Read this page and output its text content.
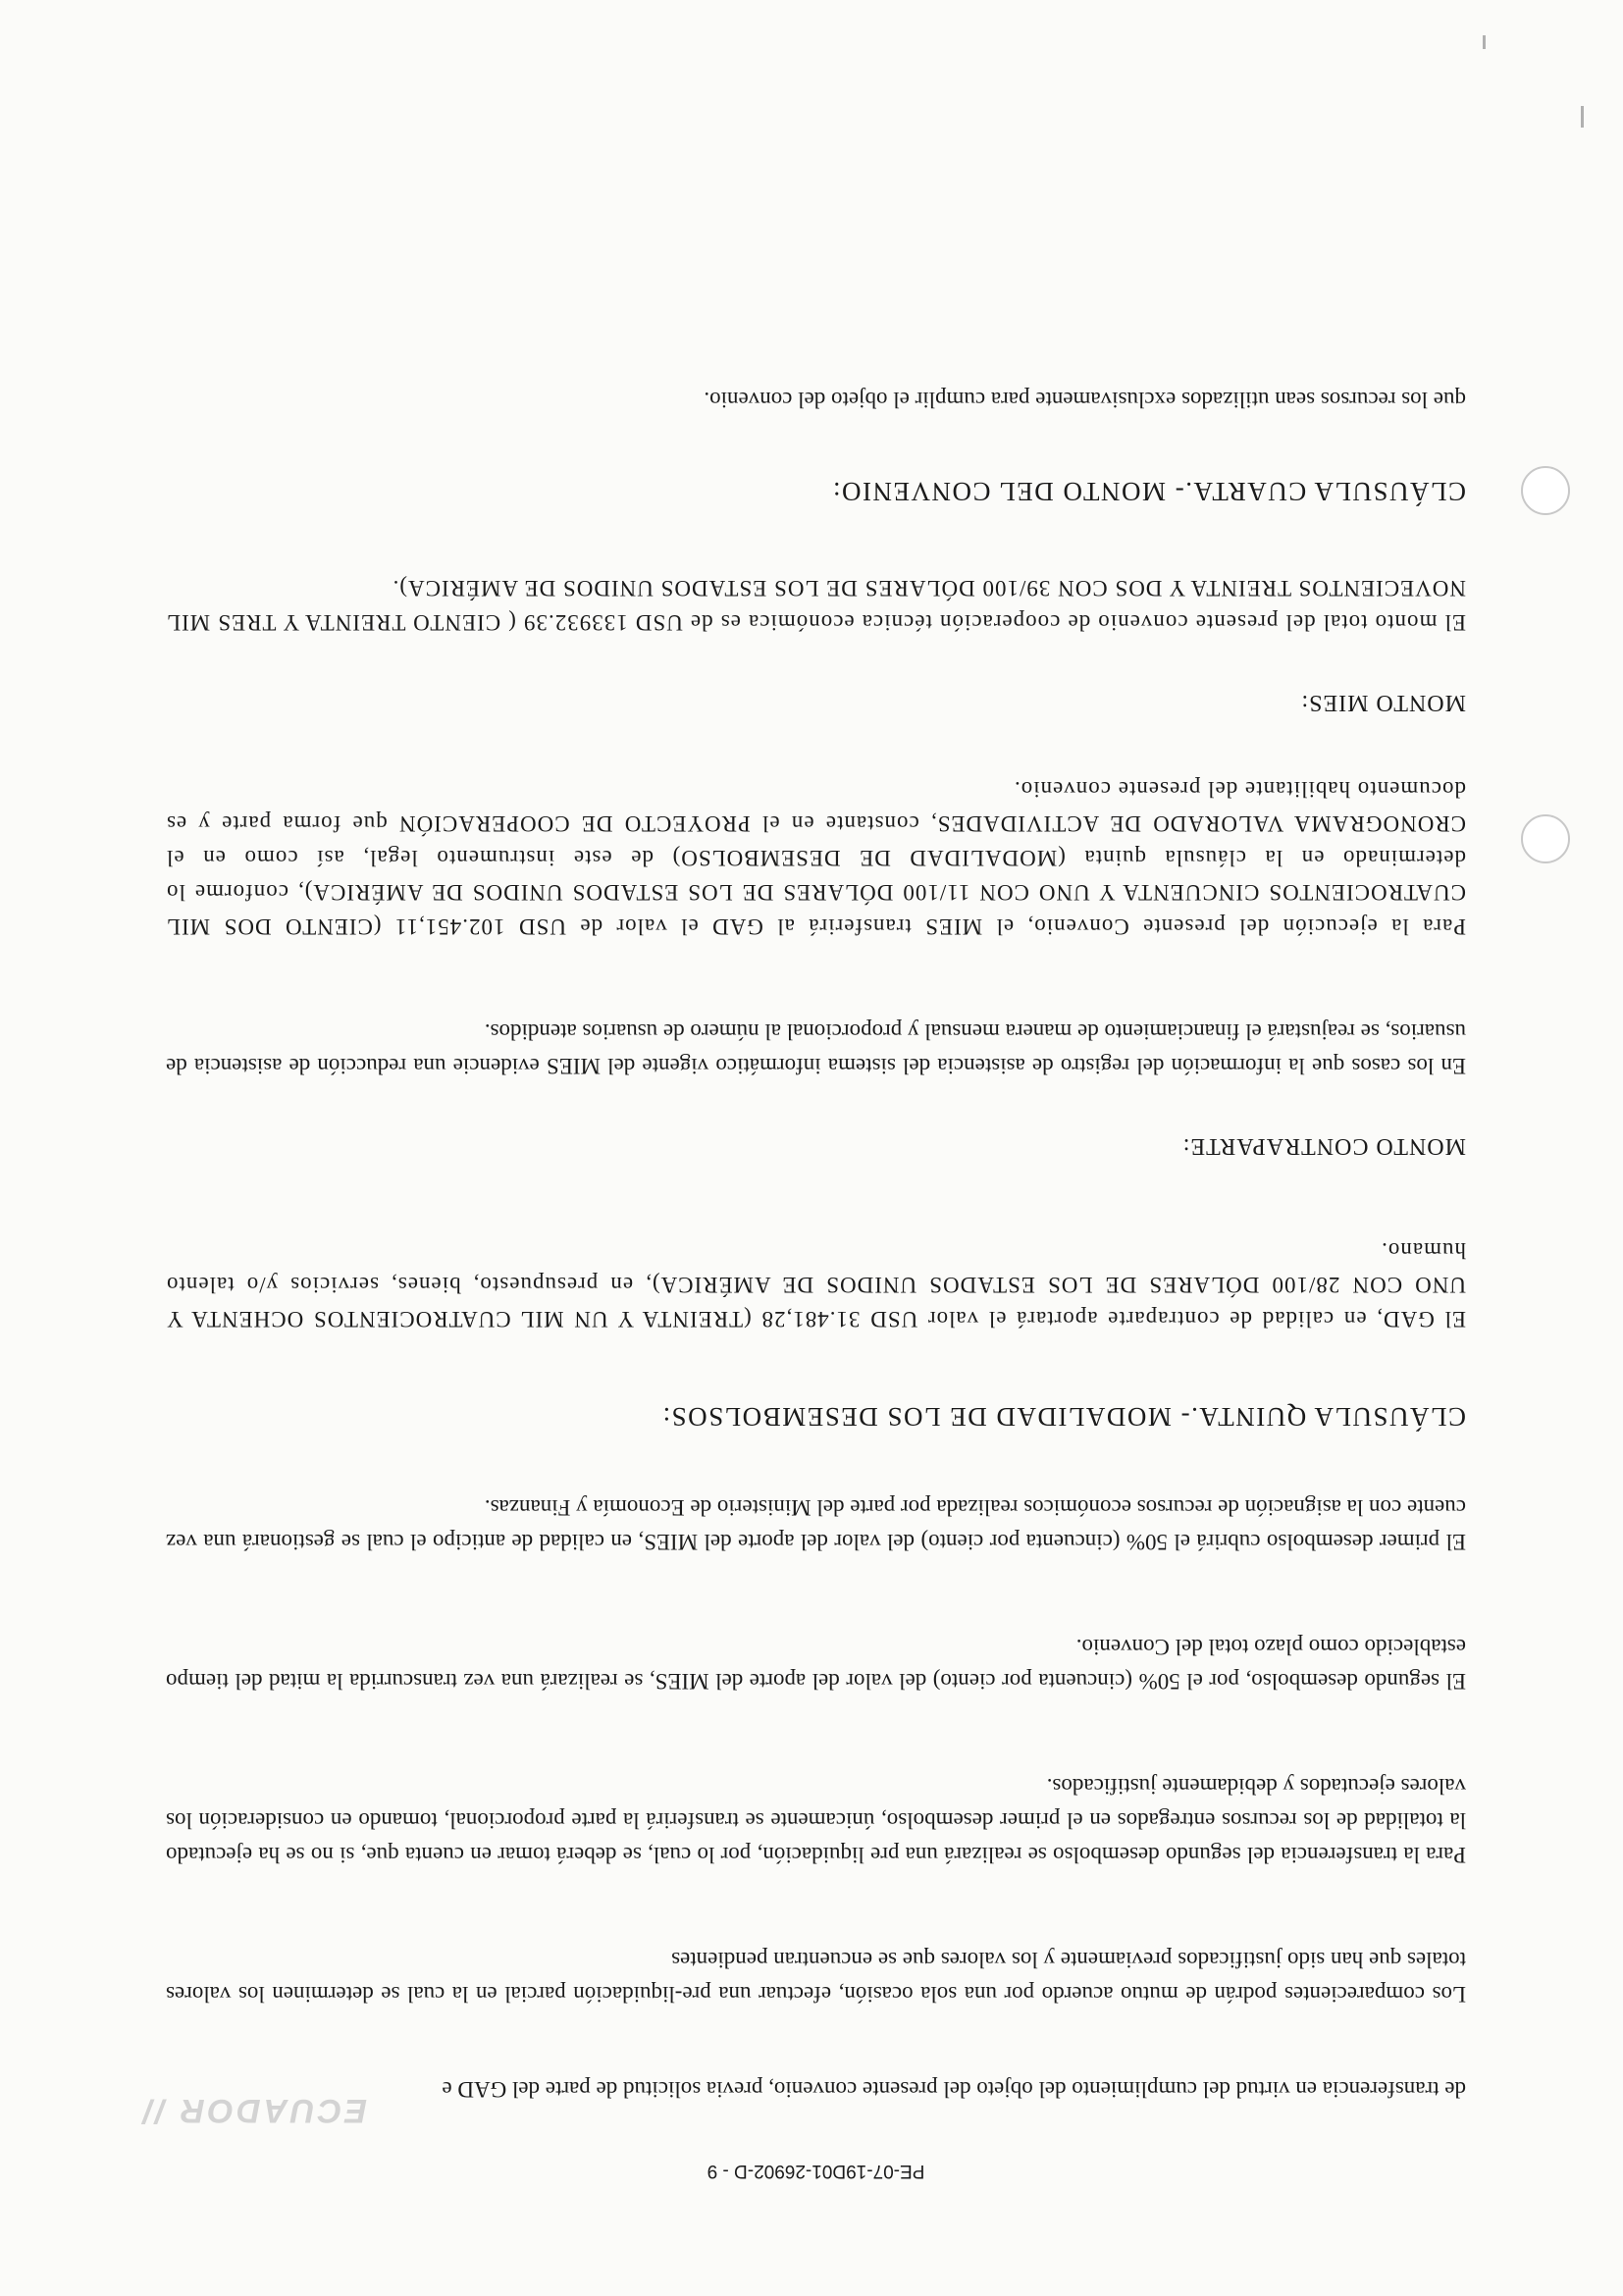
ECUADOR //
PE-07-19D01-26902-D - 9

de transferencia en virtud del cumplimiento del objeto del presente convenio, previa solicitud de parte del GAD e

Los comparecientes podrán de mutuo acuerdo por una sola ocasión, efectuar una pre-liquidación parcial en la cual se determinen los valores totales que han sido justificados previamente y los valores que se encuentran pendientes

Para la transferencia del segundo desembolso se realizará una pre liquidación, por lo cual, se deberá tomar en cuenta que, si no se ha ejecutado la totalidad de los recursos entregados en el primer desembolso, únicamente se transferirá la parte proporcional, tomando en consideración los valores ejecutados y debidamente justificados.

El segundo desembolso, por el 50% (cincuenta por ciento) del valor del aporte del MIES, se realizará una vez transcurrida la mitad del tiempo establecido como plazo total del Convenio.

El primer desembolso cubrirá el 50% (cincuenta por ciento) del valor del aporte del MIES, en calidad de anticipo el cual se gestionará una vez cuente con la asignación de recursos económicos realizada por parte del Ministerio de Economía y Finanzas.

CLÁUSULA QUINTA.- MODALIDAD DE LOS DESEMBOLSOS:

El GAD, en calidad de contraparte aportará el valor USD 31.481,28 (TREINTA Y UN MIL CUATROCIENTOS OCHENTA Y UNO CON 28/100 DÓLARES DE LOS ESTADOS UNIDOS DE AMÉRICA), en presupuesto, bienes, servicios y/o talento humano.

MONTO CONTRAPARTE:

En los casos que la información del registro de asistencia del sistema informático vigente del MIES evidencie una reducción de asistencia de usuarios, se reajustará el financiamiento de manera mensual y proporcional al número de usuarios atendidos.

Para la ejecución del presente Convenio, el MIES transferirá al GAD el valor de USD 102.451,11 (CIENTO DOS MIL CUATROCIENTOS CINCUENTA Y UNO CON 11/100 DÓLARES DE LOS ESTADOS UNIDOS DE AMÉRICA), conforme lo determinado en la cláusula quinta (MODALIDAD DE DESEMBOLSO) de este instrumento legal, así como en el CRONOGRAMA VALORADO DE ACTIVIDADES, constante en el PROYECTO DE COOPERACIÓN que forma parte y es documento habilitante del presente convenio.

MONTO MIES:

El monto total del presente convenio de cooperación técnica económica es de USD 133932.39 ( CIENTO TREINTA Y TRES MIL NOVECIENTOS TREINTA Y DOS CON 39/100 DÓLARES DE LOS ESTADOS UNIDOS DE AMÉRICA).

CLÁUSULA CUARTA.- MONTO DEL CONVENIO:

que los recursos sean utilizados exclusivamente para cumplir el objeto del convenio.
